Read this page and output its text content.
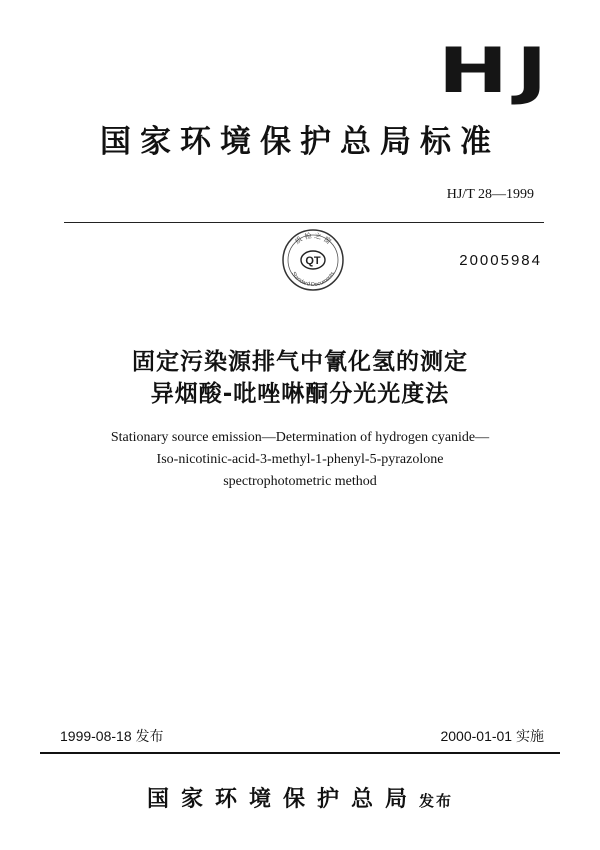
HJ
国家环境保护总局标准
HJ/T 28—1999
QT
质 检 之 窗
Standard Documents
20005984
固定污染源排气中氰化氢的测定
异烟酸-吡唑啉酮分光光度法
Stationary source emission—Determination of hydrogen cyanide—
Iso-nicotinic-acid-3-methyl-1-phenyl-5-pyrazolone
spectrophotometric method
1999-08-18 发布	2000-01-01 实施
国家环境保护总局发布
